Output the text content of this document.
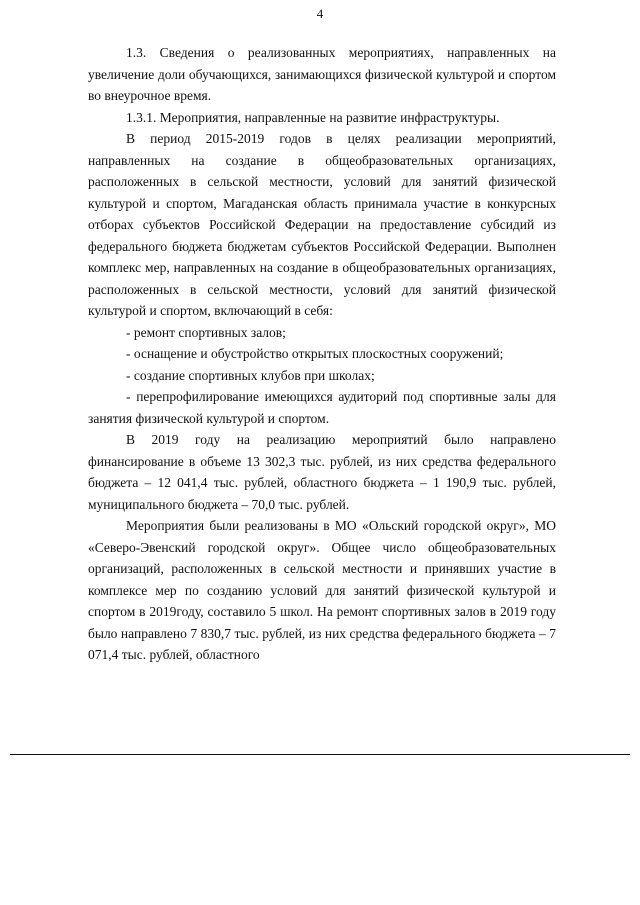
4

1.3. Сведения о реализованных мероприятиях, направленных на увеличение доли обучающихся, занимающихся физической культурой и спортом во внеурочное время.

1.3.1. Мероприятия, направленные на развитие инфраструктуры.

В период 2015-2019 годов в целях реализации мероприятий, направленных на создание в общеобразовательных организациях, расположенных в сельской местности, условий для занятий физической культурой и спортом, Магаданская область принимала участие в конкурсных отборах субъектов Российской Федерации на предоставление субсидий из федерального бюджета бюджетам субъектов Российской Федерации. Выполнен комплекс мер, направленных на создание в общеобразовательных организациях, расположенных в сельской местности, условий для занятий физической культурой и спортом, включающий в себя:

- ремонт спортивных залов;

- оснащение и обустройство открытых плоскостных сооружений;

- создание спортивных клубов при школах;

- перепрофилирование имеющихся аудиторий под спортивные залы для занятия физической культурой и спортом.

В 2019 году на реализацию мероприятий было направлено финансирование в объеме 13 302,3 тыс. рублей, из них средства федерального бюджета – 12 041,4 тыс. рублей, областного бюджета – 1 190,9 тыс. рублей, муниципального бюджета – 70,0 тыс. рублей.

Мероприятия были реализованы в МО «Ольский городской округ», МО «Северо-Эвенский городской округ». Общее число общеобразовательных организаций, расположенных в сельской местности и принявших участие в комплексе мер по созданию условий для занятий физической культурой и спортом в 2019году, составило 5 школ. На ремонт спортивных залов в 2019 году было направлено 7 830,7 тыс. рублей, из них средства федерального бюджета – 7 071,4 тыс. рублей, областного
